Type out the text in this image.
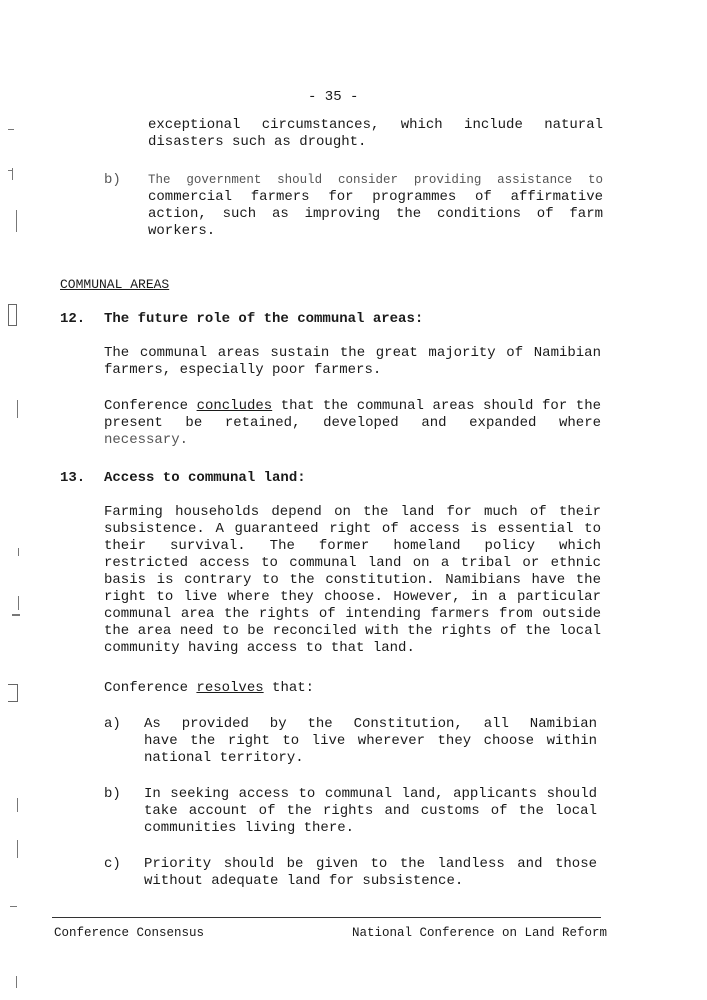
- 35 -
exceptional circumstances, which include natural
disasters such as drought.
b) The government should consider providing assistance to
commercial farmers for programmes of affirmative
action, such as improving the conditions of farm
workers.
COMMUNAL AREAS
12. The future role of the communal areas:
The communal areas sustain the great majority of Namibian
farmers, especially poor farmers.
Conference concludes that the communal areas should for the
present be retained, developed and expanded where
necessary.
13. Access to communal land:
Farming households depend on the land for much of their
subsistence. A guaranteed right of access is essential to
their survival. The former homeland policy which
restricted access to communal land on a tribal or ethnic
basis is contrary to the constitution. Namibians have the
right to live where they choose. However, in a particular
communal area the rights of intending farmers from outside
the area need to be reconciled with the rights of the local
community having access to that land.
Conference resolves that:
a) As provided by the Constitution, all Namibian
have the right to live wherever they choose within
national territory.
b) In seeking access to communal land, applicants should
take account of the rights and customs of the local
communities living there.
c) Priority should be given to the landless and those
without adequate land for subsistence.
Conference Consensus	National Conference on Land Reform
